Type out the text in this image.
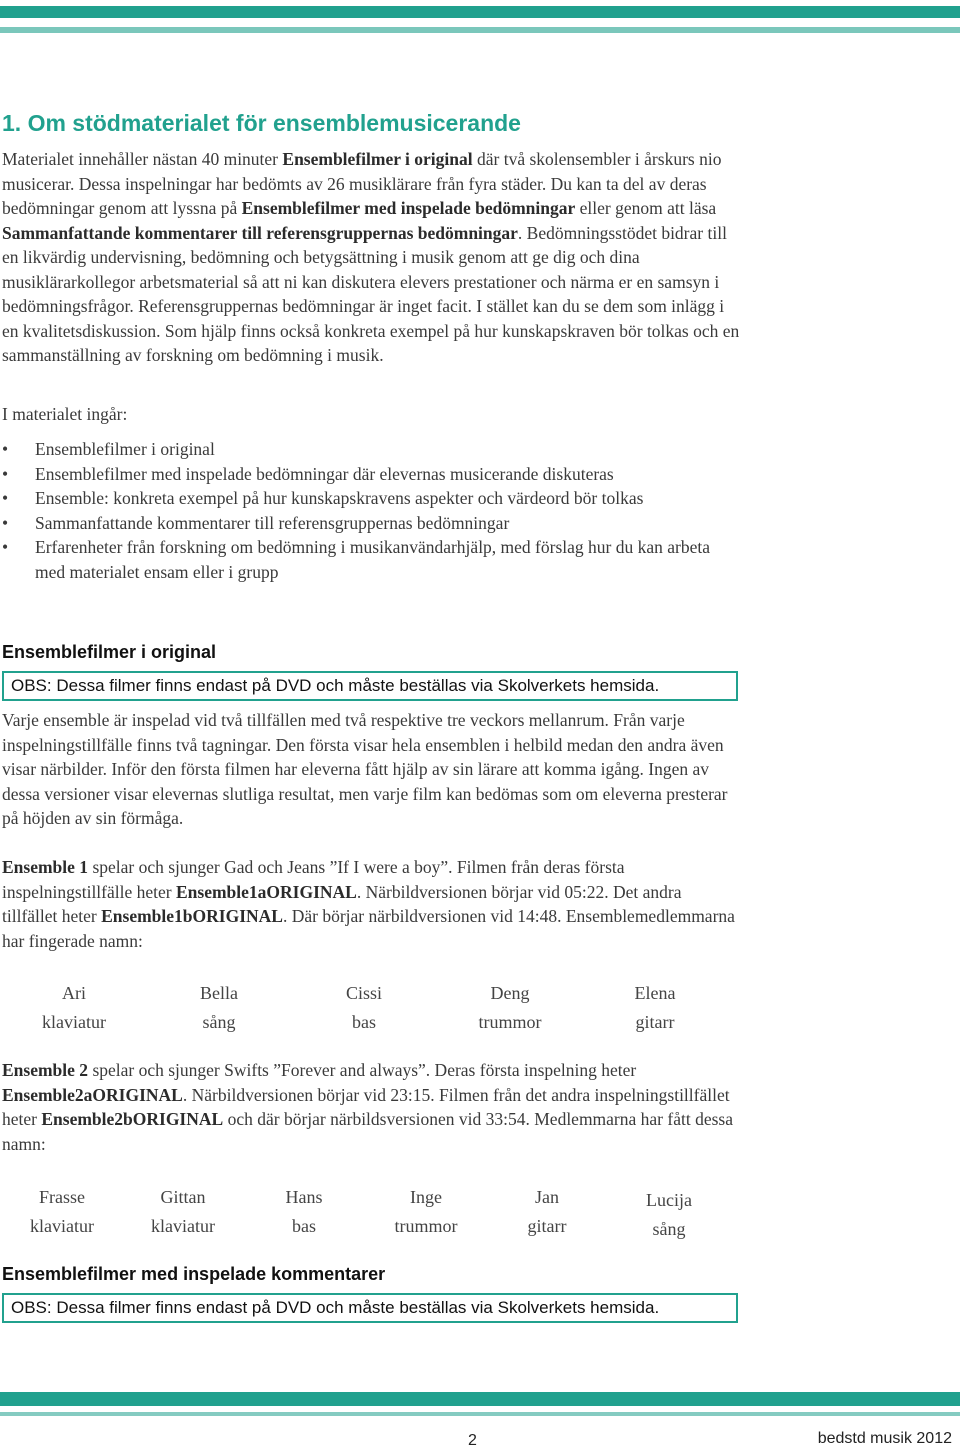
1. Om stödmaterialet för ensemblemusicerande

Materialet innehåller nästan 40 minuter Ensemblefilmer i original där två skolensembler i årskurs nio musicerar. Dessa inspelningar har bedömts av 26 musiklärare från fyra städer. Du kan ta del av deras bedömningar genom att lyssna på Ensemblefilmer med inspelade bedömningar eller genom att läsa Sammanfattande kommentarer till referensgruppernas bedömningar. Bedömningsstödet bidrar till en likvärdig undervisning, bedömning och betygsättning i musik genom att ge dig och dina musiklärarkollegor arbetsmaterial så att ni kan diskutera elevers prestationer och närma er en samsyn i bedömningsfrågor. Referensgruppernas bedömningar är inget facit. I stället kan du se dem som inlägg i en kvalitetsdiskussion. Som hjälp finns också konkreta exempel på hur kunskapskraven bör tolkas och en sammanställning av forskning om bedömning i musik.

I materialet ingår:

• Ensemblefilmer i original
• Ensemblefilmer med inspelade bedömningar där elevernas musicerande diskuteras
• Ensemble: konkreta exempel på hur kunskapskravens aspekter och värdeord bör tolkas
• Sammanfattande kommentarer till referensgruppernas bedömningar
• Erfarenheter från forskning om bedömning i musikanvändarhjälp, med förslag hur du kan arbeta med materialet ensam eller i grupp
Ensemblefilmer i original
OBS: Dessa filmer finns endast på DVD och måste beställas via Skolverkets hemsida.

Varje ensemble är inspelad vid två tillfällen med två respektive tre veckors mellanrum. Från varje inspelningstillfälle finns två tagningar. Den första visar hela ensemblen i helbild medan den andra även visar närbilder. Inför den första filmen har eleverna fått hjälp av sin lärare att komma igång. Ingen av dessa versioner visar elevernas slutliga resultat, men varje film kan bedömas som om eleverna presterar på höjden av sin förmåga.

Ensemble 1 spelar och sjunger Gad och Jeans ”If I were a boy”. Filmen från deras första inspelningstillfälle heter Ensemble1aORIGINAL. Närbildversionen börjar vid 05:22. Det andra tillfället heter Ensemble1bORIGINAL. Där börjar närbildversionen vid 14:48. Ensemblemedlemmarna har fingerade namn:

Ari
klaviatur
Bella
sång
Cissi
bas
Deng
trummor
Elena
gitarr

Ensemble 2 spelar och sjunger Swifts ”Forever and always”. Deras första inspelning heter Ensemble2aORIGINAL. Närbildversionen börjar vid 23:15. Filmen från det andra inspelningstillfället heter Ensemble2bORIGINAL och där börjar närbildsversionen vid 33:54. Medlemmarna har fått dessa namn:

Frasse
klaviatur
Gittan
klaviatur
Hans
bas
Inge
trummor
Jan
gitarr
Lucija
sång
Ensemblefilmer med inspelade kommentarer
OBS: Dessa filmer finns endast på DVD och måste beställas via Skolverkets hemsida.
2	bedstd musik 2012
